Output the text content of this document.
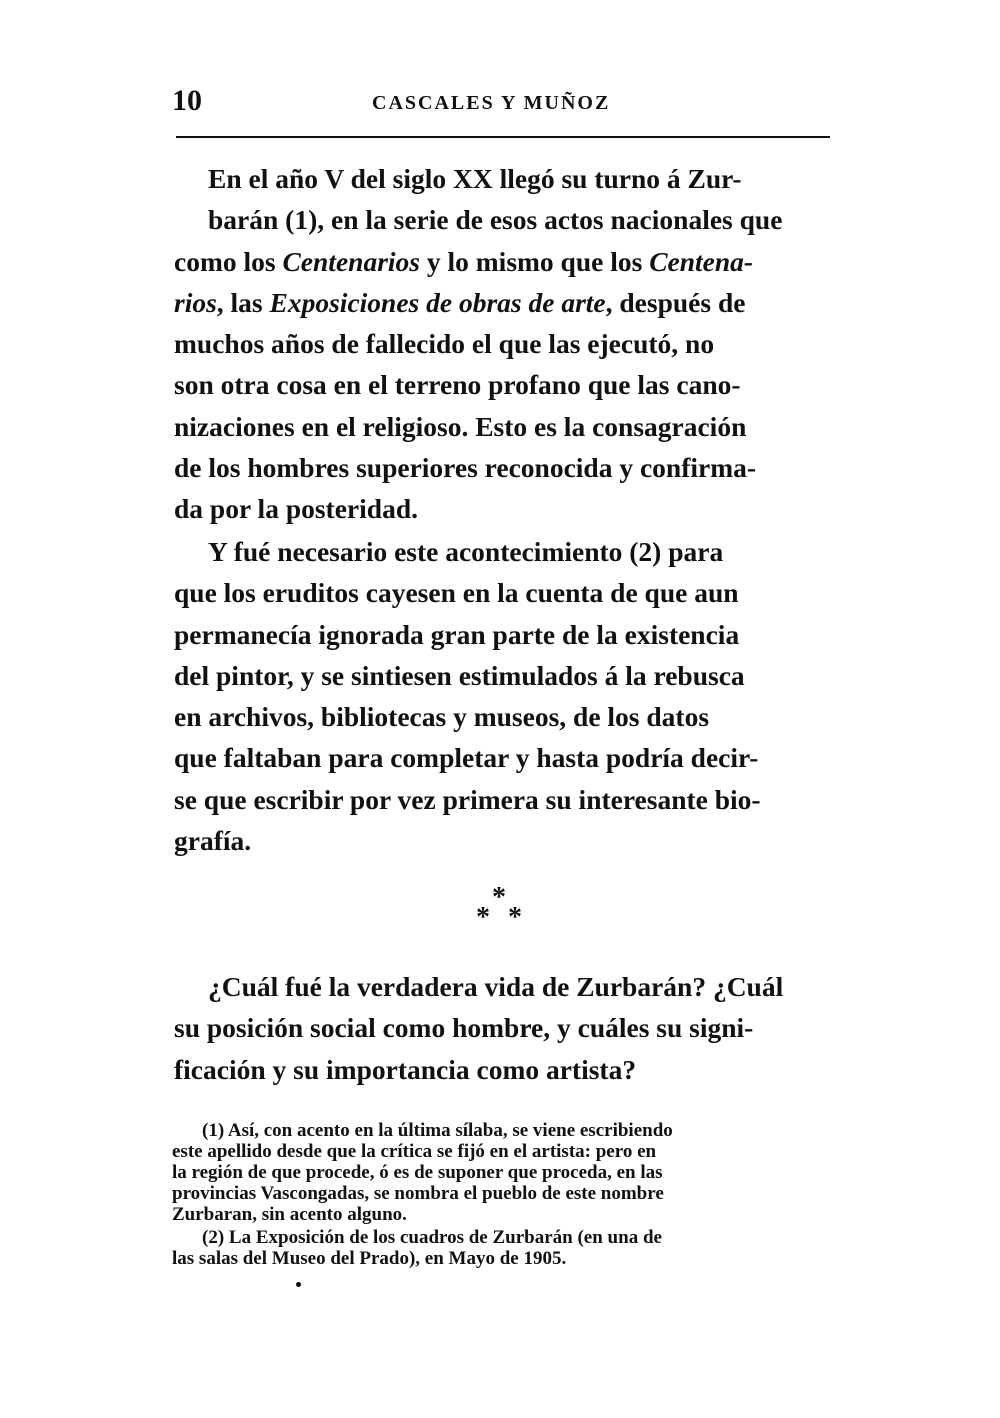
10	CASCALES Y MUÑOZ

En el año V del siglo XX llegó su turno á Zur-
barán (1), en la serie de esos actos nacionales que
como los Centenarios y lo mismo que los Centena-
rios, las Exposiciones de obras de arte, después de
muchos años de fallecido el que las ejecutó, no
son otra cosa en el terreno profano que las cano-
nizaciones en el religioso. Esto es la consagración
de los hombres superiores reconocida y confirma-
da por la posteridad.

Y fué necesario este acontecimiento (2) para
que los eruditos cayesen en la cuenta de que aun
permanecía ignorada gran parte de la existencia
del pintor, y se sintiesen estimulados á la rebusca
en archivos, bibliotecas y museos, de los datos
que faltaban para completar y hasta podría decir-
se que escribir por vez primera su interesante bio-
grafía.

*
* *

¿Cuál fué la verdadera vida de Zurbarán? ¿Cuál
su posición social como hombre, y cuáles su signi-
ficación y su importancia como artista?

(1) Así, con acento en la última sílaba, se viene escribiendo
este apellido desde que la crítica se fijó en el artista: pero en
la región de que procede, ó es de suponer que proceda, en las
provincias Vascongadas, se nombra el pueblo de este nombre
Zurbaran, sin acento alguno.
(2) La Exposición de los cuadros de Zurbarán (en una de
las salas del Museo del Prado), en Mayo de 1905.
